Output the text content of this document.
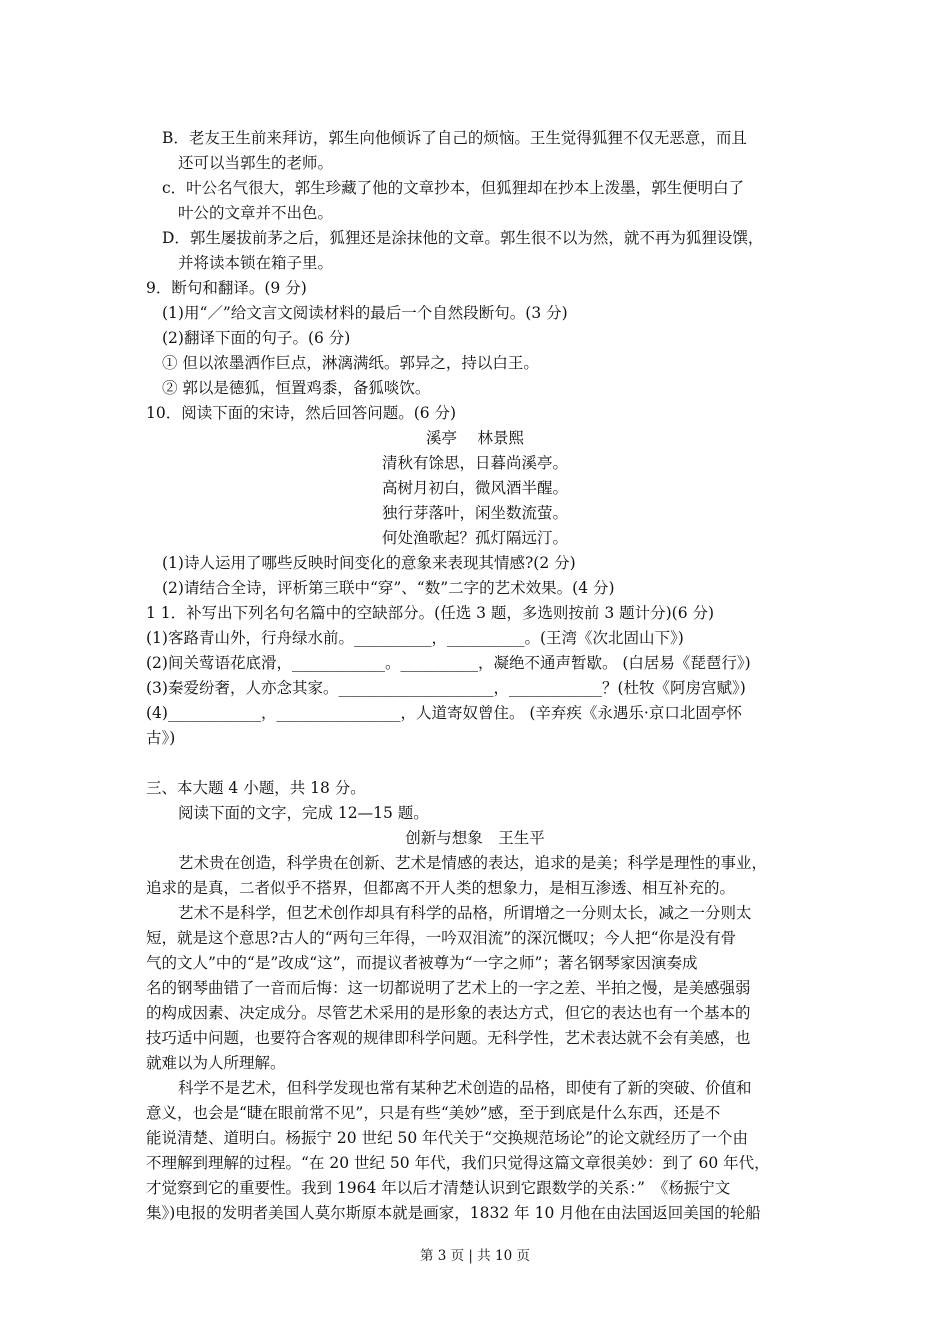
B．老友王生前来拜访，郭生向他倾诉了自己的烦恼。王生觉得狐狸不仅无恶意，而且
还可以当郭生的老师。
c．叶公名气很大，郭生珍藏了他的文章抄本，但狐狸却在抄本上泼墨，郭生便明白了
叶公的文章并不出色。
D．郭生屡拔前茅之后，狐狸还是涂抹他的文章。郭生很不以为然，就不再为狐狸设馔，
并将读本锁在箱子里。
9．断句和翻译。(9 分)
(1)用“／”给文言文阅读材料的最后一个自然段断句。(3 分)
(2)翻译下面的句子。(6 分)
① 但以浓墨洒作巨点，淋漓满纸。郭异之，持以白王。
② 郭以是德狐，恒置鸡黍，备狐啖饮。
10．阅读下面的宋诗，然后回答问题。(6 分)
溪亭　 林景熙
清秋有馀思，日暮尚溪亭。
高树月初白，微风酒半醒。
独行芽落叶，闲坐数流萤。
何处渔歌起？孤灯隔远汀。
(1)诗人运用了哪些反映时间变化的意象来表现其情感?(2 分)
(2)请结合全诗，评析第三联中“穿”、“数”二字的艺术效果。(4 分)
1 1．补写出下列名句名篇中的空缺部分。(任选 3 题，多选则按前 3 题计分)(6 分)
(1)客路青山外，行舟绿水前。__________，__________。(王湾《次北固山下》)
(2)间关莺语花底滑，____________。__________，凝绝不通声暂歇。 (白居易《琵琶行》)
(3)秦爱纷奢，人亦念其家。____________________，____________？(杜牧《阿房宫赋》)
(4)____________，________________，人道寄奴曾住。 (辛弃疾《永遇乐·京口北固亭怀
古》)
三、本大题 4 小题，共 18 分。
阅读下面的文字，完成 12—15 题。
创新与想象　王生平
艺术贵在创造，科学贵在创新、艺术是情感的表达，追求的是美；科学是理性的事业，
追求的是真，二者似乎不搭界，但都离不开人类的想象力，是相互渗透、相互补充的。
艺术不是科学，但艺术创作却具有科学的品格，所谓增之一分则太长，减之一分则太
短，就是这个意思?古人的“两句三年得，一吟双泪流”的深沉慨叹；今人把“你是没有骨
气的文人”中的“是”改成“这”，而提议者被尊为“一字之师”；著名钢琴家因演奏成
名的钢琴曲错了一音而后悔：这一切都说明了艺术上的一字之差、半拍之慢，是美感强弱
的构成因素、决定成分。尽管艺术采用的是形象的表达方式，但它的表达也有一个基本的
技巧适中问题，也要符合客观的规律即科学问题。无科学性，艺术表达就不会有美感，也
就难以为人所理解。
科学不是艺术，但科学发现也常有某种艺术创造的品格，即使有了新的突破、价值和
意义，也会是“睫在眼前常不见”，只是有些“美妙”感，至于到底是什么东西，还是不
能说清楚、道明白。杨振宁 20 世纪 50 年代关于“交换规范场论”的论文就经历了一个由
不理解到理解的过程。“在 20 世纪 50 年代，我们只觉得这篇文章很美妙：到了 60 年代，
才觉察到它的重要性。我到 1964 年以后才清楚认识到它跟数学的关系：”　《杨振宁文
集》)电报的发明者美国人莫尔斯原本就是画家，1832 年 10 月他在由法国返回美国的轮船
第 3 页 | 共 10 页
